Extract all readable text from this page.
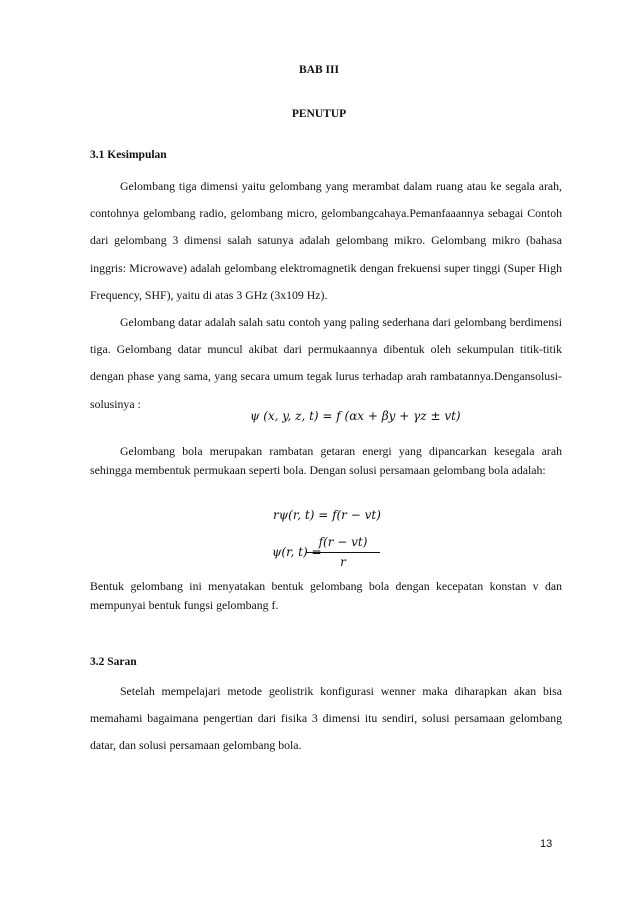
BAB III
PENUTUP
3.1 Kesimpulan

Gelombang tiga dimensi yaitu gelombang yang merambat dalam ruang atau ke segala arah, contohnya gelombang radio, gelombang micro, gelombangcahaya.Pemanfaaannya sebagai Contoh dari gelombang 3 dimensi salah satunya adalah gelombang mikro. Gelombang mikro (bahasa inggris: Microwave) adalah gelombang elektromagnetik dengan frekuensi super tinggi (Super High Frequency, SHF), yaitu di atas 3 GHz (3x109 Hz).

Gelombang datar adalah salah satu contoh yang paling sederhana dari gelombang berdimensi tiga. Gelombang datar muncul akibat dari permukaannya dibentuk oleh sekumpulan titik-titik dengan phase yang sama, yang secara umum tegak lurus terhadap arah rambatannya.Dengansolusi-solusinya :

ψ (x, y, z, t) = f (αx + βy + γz ± vt)

Gelombang bola merupakan rambatan getaran energi yang dipancarkan kesegala arah sehingga membentuk permukaan seperti bola. Dengan solusi persamaan gelombang bola adalah:

rψ(r, t) = f(r − vt)
ψ(r, t) =
f(r − vt)
r

Bentuk gelombang ini menyatakan bentuk gelombang bola dengan kecepatan konstan v dan mempunyai bentuk fungsi gelombang f.

3.2 Saran

Setelah mempelajari metode geolistrik konfigurasi wenner maka diharapkan akan bisa memahami bagaimana pengertian dari fisika 3 dimensi itu sendiri, solusi persamaan gelombang datar, dan solusi persamaan gelombang bola.

13
